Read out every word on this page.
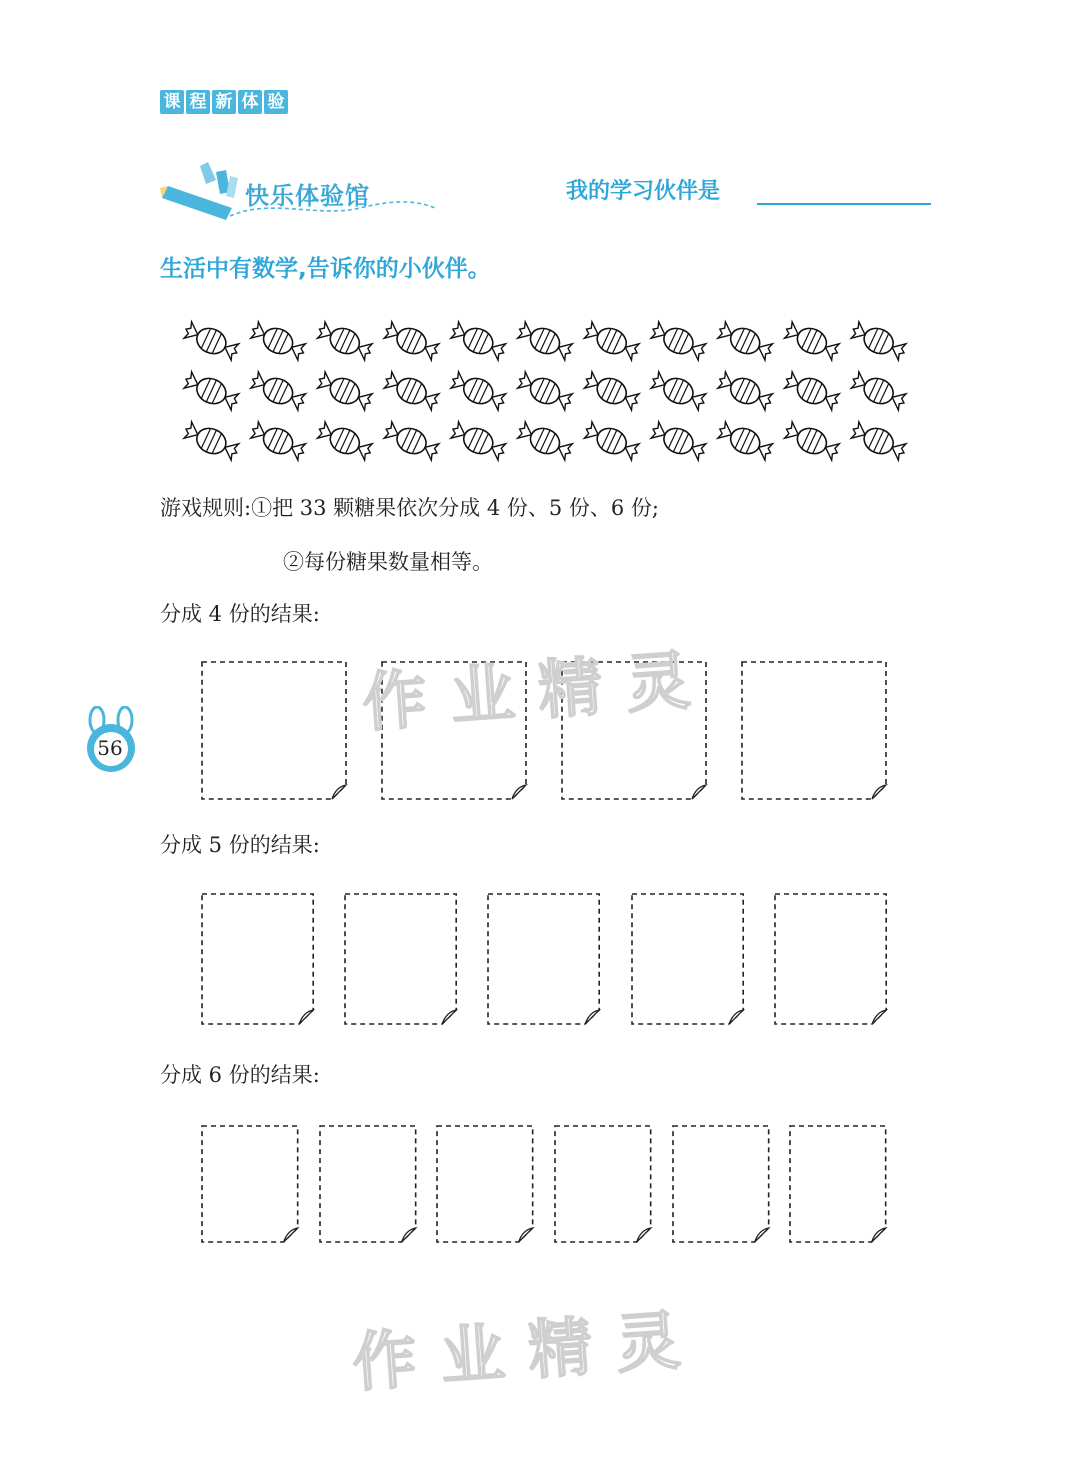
课 程 新 体 验
快乐体验馆	我的学习伙伴是
生活中有数学,告诉你的小伙伴。
游戏规则:①把 33 颗糖果依次分成 4 份、5 份、6 份;
②每份糖果数量相等。
分成 4 份的结果:
分成 5 份的结果:
分成 6 份的结果:
56
作业精灵
作业精灵
